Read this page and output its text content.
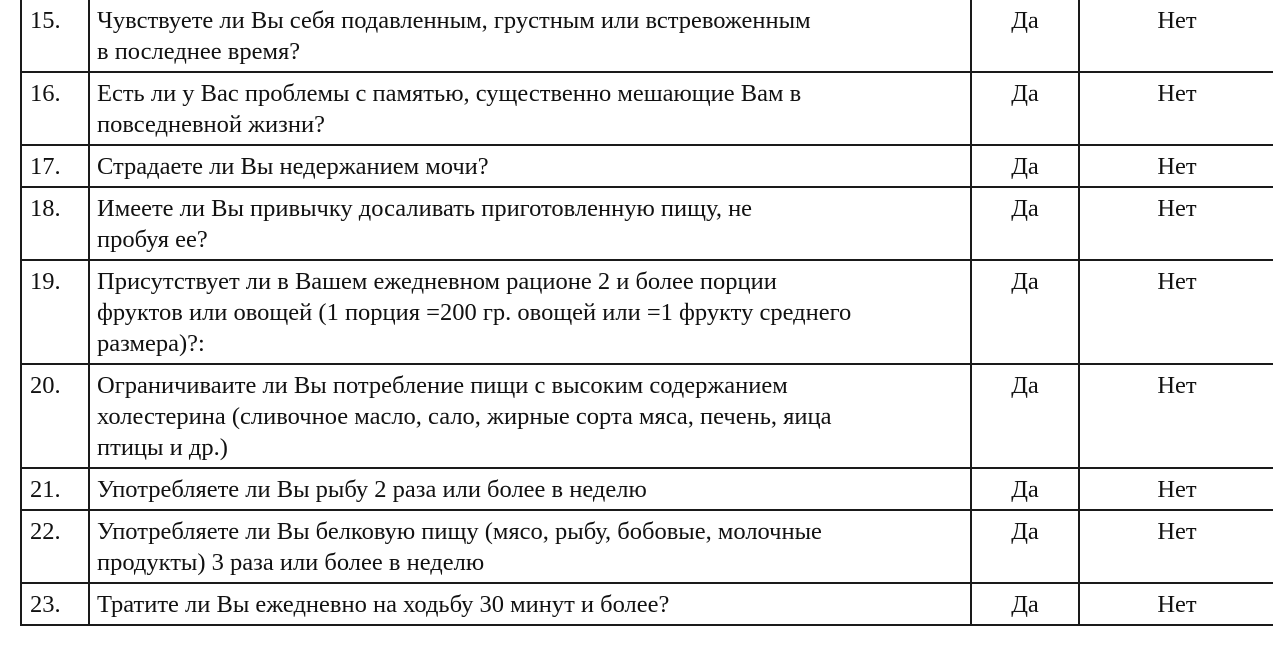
15.	Чувствуете ли Вы себя подавленным, грустным или встревоженным
в последнее время?	Да	Нет
16.	Есть ли у Вас проблемы с памятью, существенно мешающие Вам в
повседневной жизни?	Да	Нет
17.	Страдаете ли Вы недержанием мочи?	Да	Нет
18.	Имеете ли Вы привычку досаливать приготовленную пищу, не
пробуя ее?	Да	Нет
19.	Присутствует ли в Вашем ежедневном рационе 2 и более порции
фруктов или овощей (1 порция =200 гр. овощей или =1 фрукту среднего
размера)?:	Да	Нет
20.	Ограничиваите ли Вы потребление пищи с высоким содержанием
холестерина (сливочное масло, сало, жирные сорта мяса, печень, яица
птицы и др.)	Да	Нет
21.	Употребляете ли Вы рыбу 2 раза или более в неделю	Да	Нет
22.	Употребляете ли Вы белковую пищу (мясо, рыбу, бобовые, молочные
продукты) 3 раза или более в неделю	Да	Нет
23.	Тратите ли Вы ежедневно на ходьбу 30 минут и более?	Да	Нет
